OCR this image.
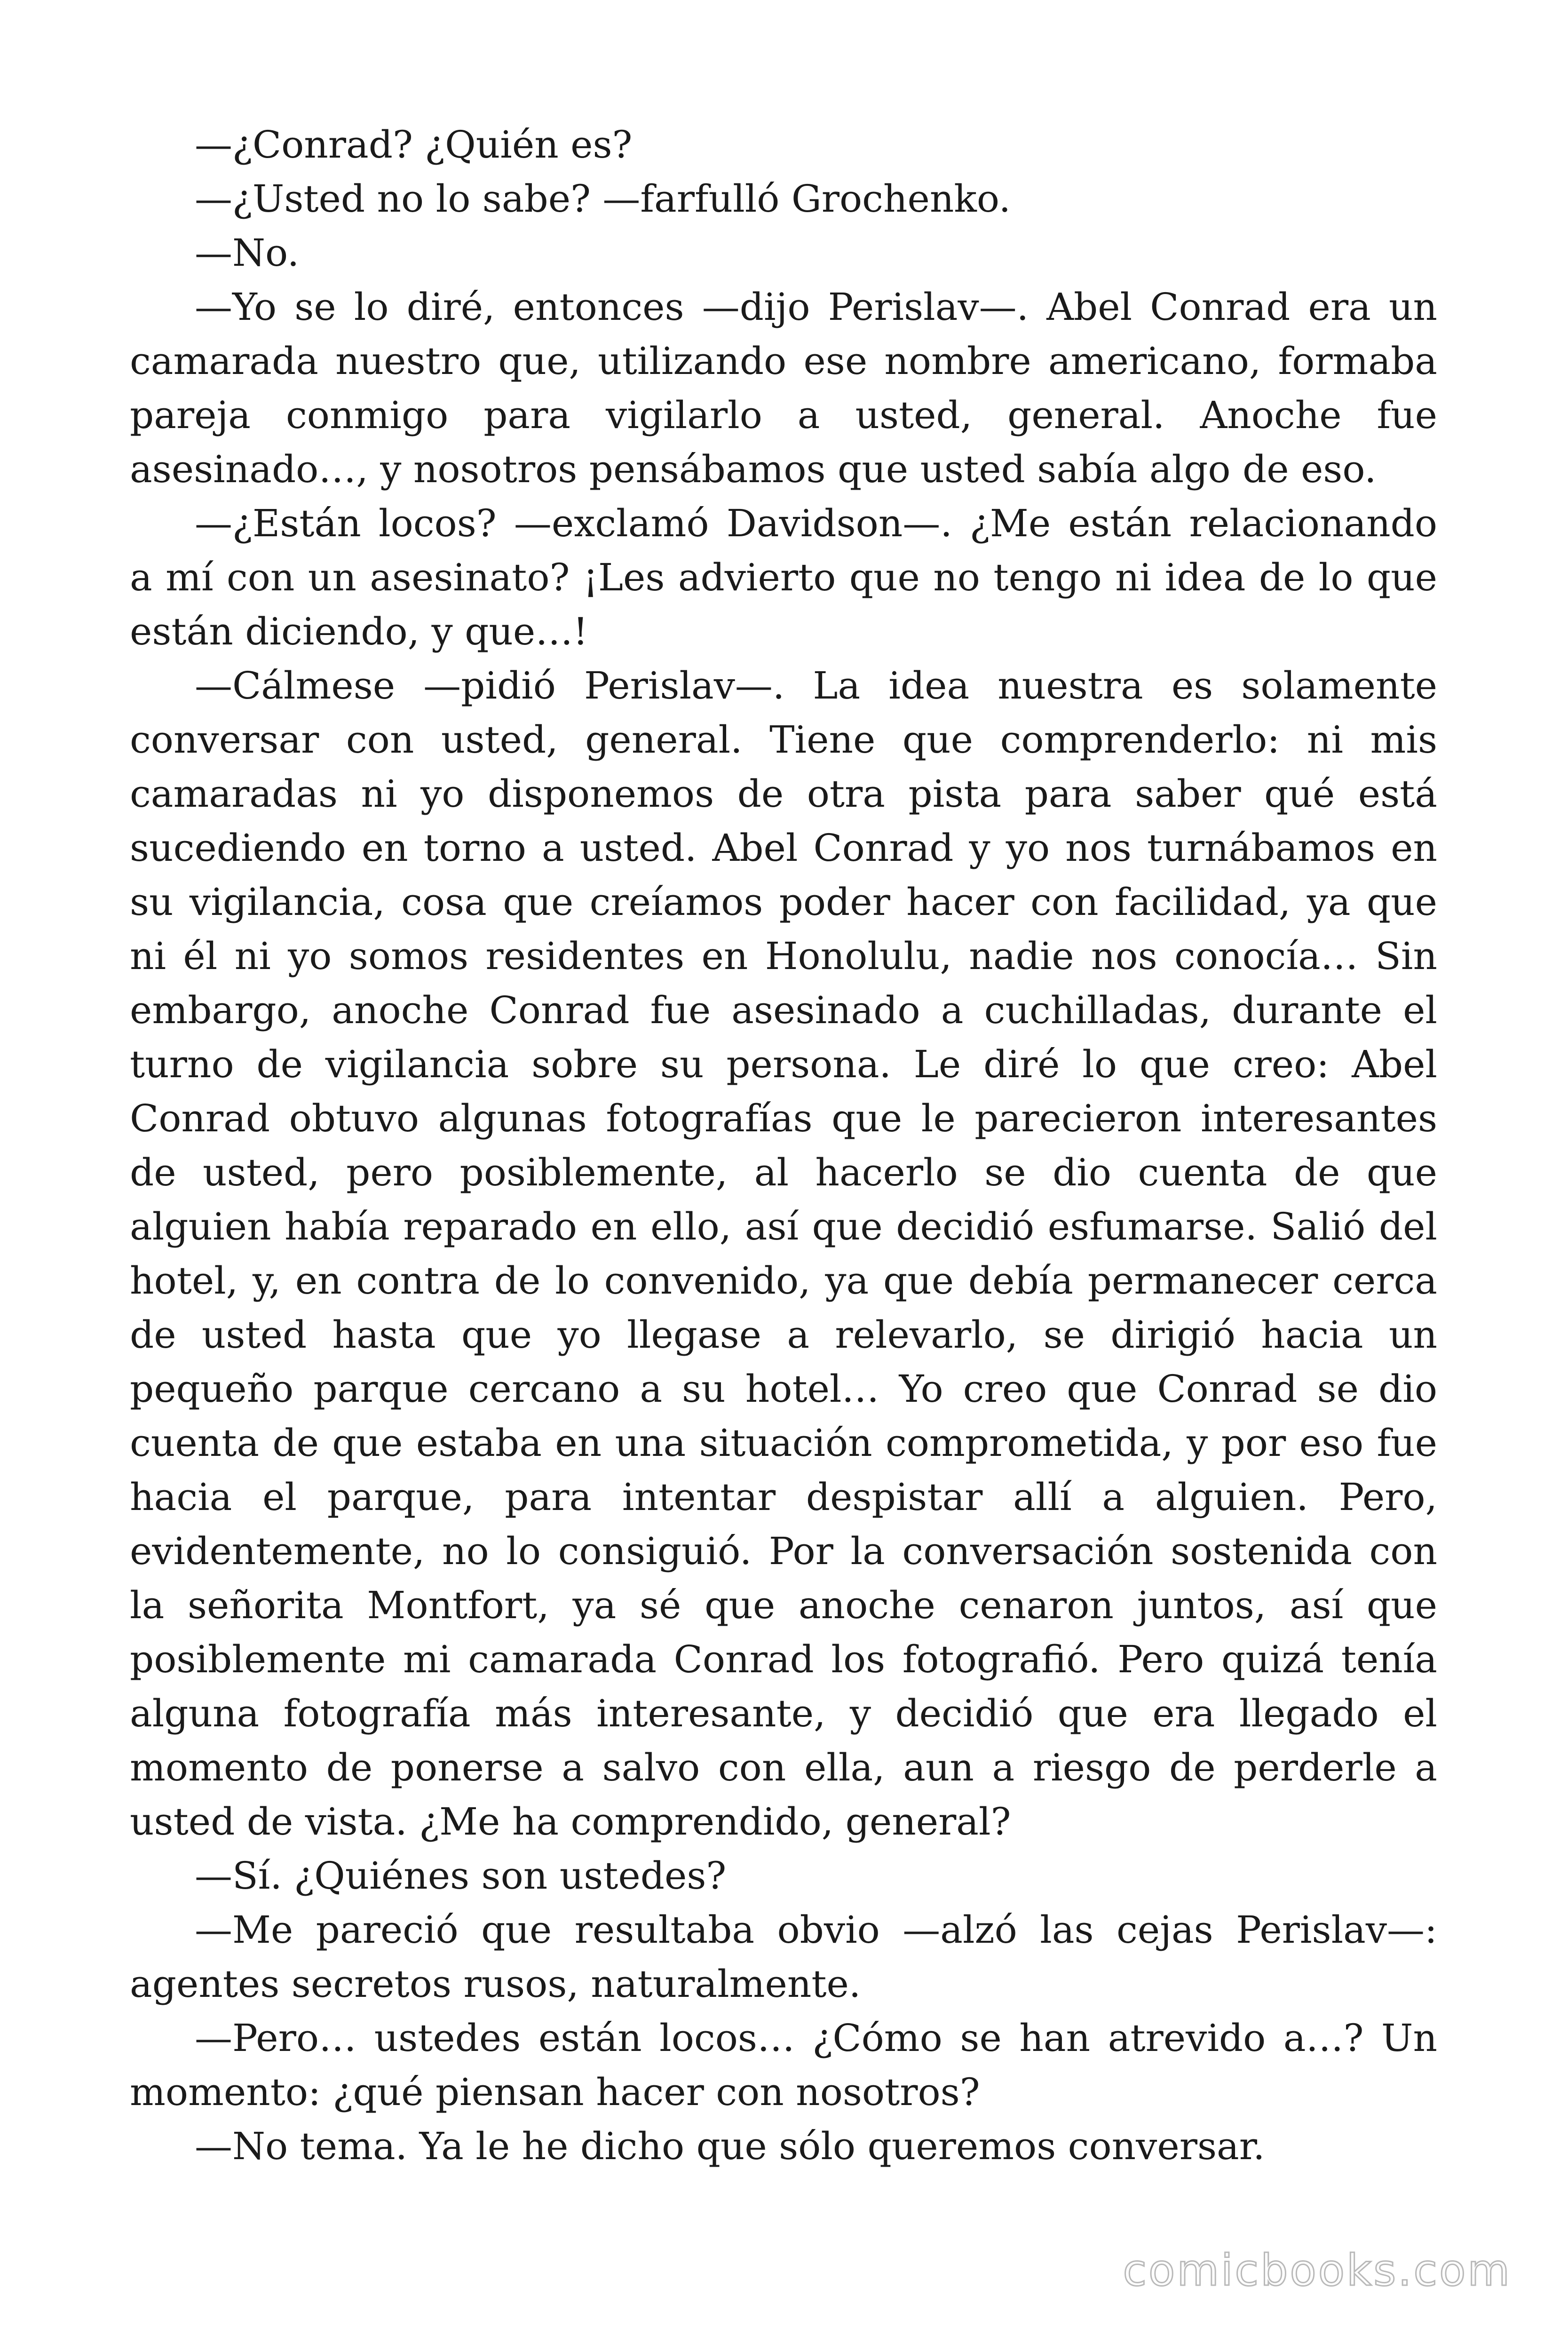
—¿Conrad? ¿Quién es?

—¿Usted no lo sabe? —farfulló Grochenko.

—No.

—Yo se lo diré, entonces —dijo Perislav—. Abel Conrad era un camarada nuestro que, utilizando ese nombre americano, formaba pareja conmigo para vigilarlo a usted, general. Anoche fue asesinado…, y nosotros pensábamos que usted sabía algo de eso.

—¿Están locos? —exclamó Davidson—. ¿Me están relacionando a mí con un asesinato? ¡Les advierto que no tengo ni idea de lo que están diciendo, y que…!

—Cálmese —pidió Perislav—. La idea nuestra es solamente conversar con usted, general. Tiene que comprenderlo: ni mis camaradas ni yo disponemos de otra pista para saber qué está sucediendo en torno a usted. Abel Conrad y yo nos turnábamos en su vigilancia, cosa que creíamos poder hacer con facilidad, ya que ni él ni yo somos residentes en Honolulu, nadie nos conocía… Sin embargo, anoche Conrad fue asesinado a cuchilladas, durante el turno de vigilancia sobre su persona. Le diré lo que creo: Abel Conrad obtuvo algunas fotografías que le parecieron interesantes de usted, pero posiblemente, al hacerlo se dio cuenta de que alguien había reparado en ello, así que decidió esfumarse. Salió del hotel, y, en contra de lo convenido, ya que debía permanecer cerca de usted hasta que yo llegase a relevarlo, se dirigió hacia un pequeño parque cercano a su hotel… Yo creo que Conrad se dio cuenta de que estaba en una situación comprometida, y por eso fue hacia el parque, para intentar despistar allí a alguien. Pero, evidentemente, no lo consiguió. Por la conversación sostenida con la señorita Montfort, ya sé que anoche cenaron juntos, así que posiblemente mi camarada Conrad los fotografió. Pero quizá tenía alguna fotografía más interesante, y decidió que era llegado el momento de ponerse a salvo con ella, aun a riesgo de perderle a usted de vista. ¿Me ha comprendido, general?

—Sí. ¿Quiénes son ustedes?

—Me pareció que resultaba obvio —alzó las cejas Perislav—: agentes secretos rusos, naturalmente.

—Pero… ustedes están locos… ¿Cómo se han atrevido a…? Un momento: ¿qué piensan hacer con nosotros?

—No tema. Ya le he dicho que sólo queremos conversar.

comicbooks.com
